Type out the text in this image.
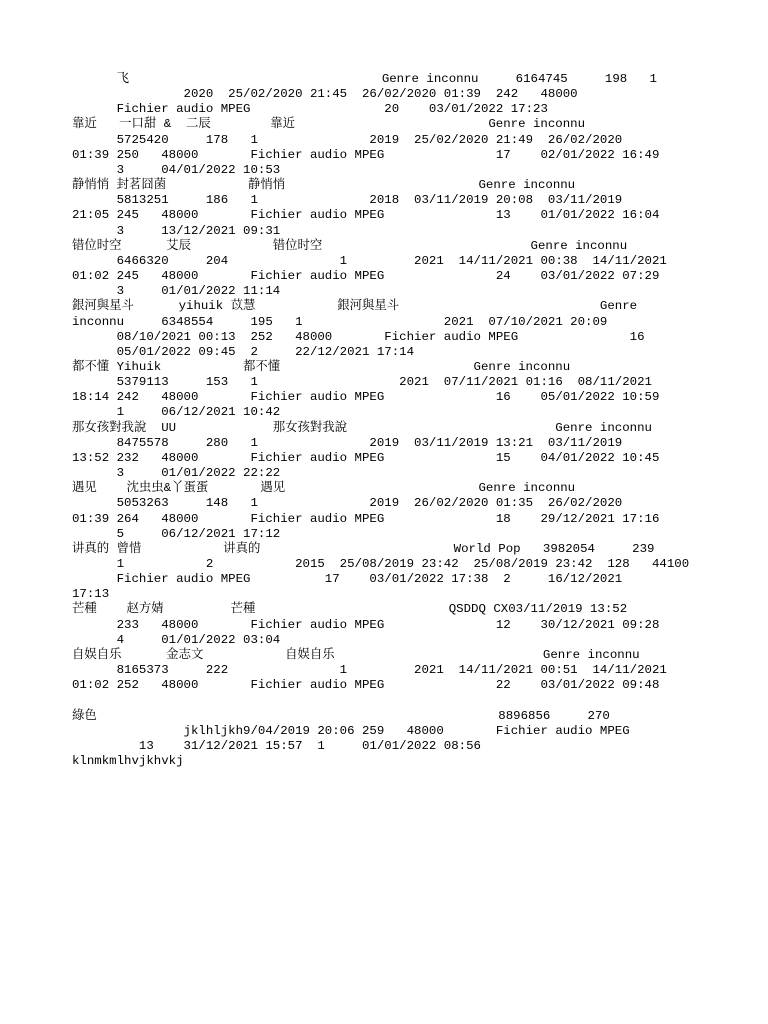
飞                                  Genre inconnu     6164745     198   1
2020  25/02/2020 21:45  26/02/2020 01:39  242   48000
Fichier audio MPEG                  20    03/01/2022 17:23
靠近   一口甜 &  二辰        靠近                          Genre inconnu
5725420     178   1               2019  25/02/2020 21:49  26/02/2020
01:39 250   48000       Fichier audio MPEG               17    02/01/2022 16:49
3     04/01/2022 10:53
静悄悄 封茗囧菌           静悄悄                          Genre inconnu
5813251     186   1               2018  03/11/2019 20:08  03/11/2019
21:05 245   48000       Fichier audio MPEG               13    01/01/2022 16:04
3     13/12/2021 09:31
错位时空      艾辰           错位时空                            Genre inconnu
6466320     204               1         2021  14/11/2021 00:38  14/11/2021
01:02 245   48000       Fichier audio MPEG               24    03/01/2022 07:29
3     01/01/2022 11:14
銀河與星斗      yihuik 苡慧           銀河與星斗                           Genre
inconnu     6348554     195   1                   2021  07/10/2021 20:09
08/10/2021 00:13  252   48000       Fichier audio MPEG               16
05/01/2022 09:45  2     22/12/2021 17:14
都不懂 Yihuik           都不懂                          Genre inconnu
5379113     153   1                   2021  07/11/2021 01:16  08/11/2021
18:14 242   48000       Fichier audio MPEG               16    05/01/2022 10:59
1     06/12/2021 10:42
那女孩對我說  UU             那女孩對我說                            Genre inconnu
8475578     280   1               2019  03/11/2019 13:21  03/11/2019
13:52 232   48000       Fichier audio MPEG               15    04/01/2022 10:45
3     01/01/2022 22:22
遇见    沈虫虫&丫蛋蛋       遇见                          Genre inconnu
5053263     148   1               2019  26/02/2020 01:35  26/02/2020
01:39 264   48000       Fichier audio MPEG               18    29/12/2021 17:16
5     06/12/2021 17:12
讲真的 曾惜           讲真的                          World Pop   3982054     239
1           2           2015  25/08/2019 23:42  25/08/2019 23:42  128   44100
Fichier audio MPEG          17    03/01/2022 17:38  2     16/12/2021
17:13
芒種    赵方婧         芒種                          QSDDQ CX03/11/2019 13:52
233   48000       Fichier audio MPEG               12    30/12/2021 09:28
4     01/01/2022 03:04
自娱自乐      金志文           自娱自乐                            Genre inconnu
8165373     222               1         2021  14/11/2021 00:51  14/11/2021
01:02 252   48000       Fichier audio MPEG               22    03/01/2022 09:48

綠色                                                      8896856     270
jklhljkh9/04/2019 20:06 259   48000       Fichier audio MPEG
13    31/12/2021 15:57  1     01/01/2022 08:56
klnmkmlhvjkhvkj
